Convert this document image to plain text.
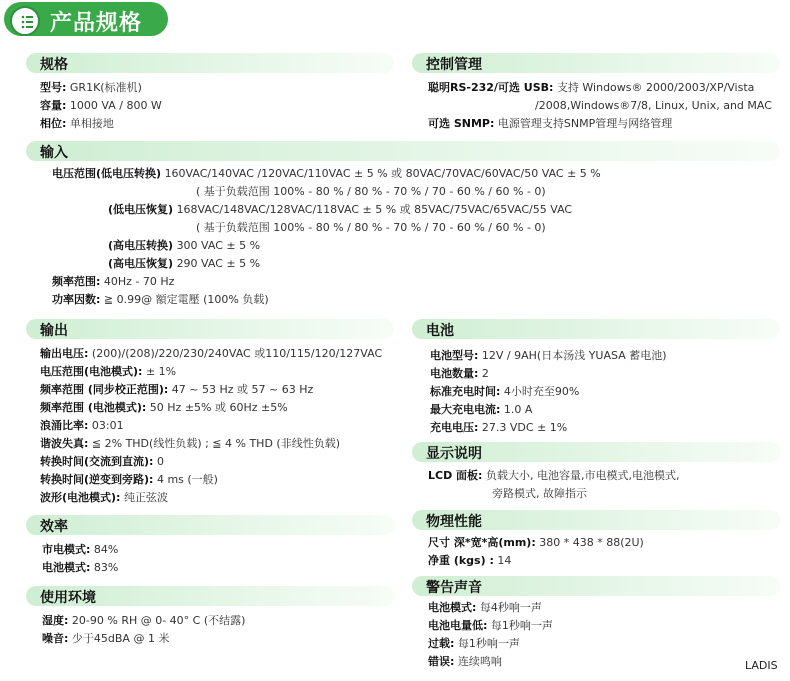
产品规格
规格	控制管理
输入
输出	电池
显示说明
物理性能
效率
使用环境
警告声音
型号: GR1K(标准机)
容量: 1000 VA / 800 W
相位: 单相接地
聪明RS-232/可选 USB: 支持 Windows® 2000/2003/XP/Vista
/2008,Windows®7/8, Linux, Unix, and MAC
可选 SNMP: 电源管理支持SNMP管理与网络管理
电压范围(低电压转换) 160VAC/140VAC /120VAC/110VAC ± 5 % 或 80VAC/70VAC/60VAC/50 VAC ± 5 %
( 基于负载范围 100% - 80 % / 80 % - 70 % / 70 - 60 % / 60 % - 0)
(低电压恢复) 168VAC/148VAC/128VAC/118VAC ± 5 % 或 85VAC/75VAC/65VAC/55 VAC
( 基于负载范围 100% - 80 % / 80 % - 70 % / 70 - 60 % / 60 % - 0)
(高电压转换) 300 VAC ± 5 %
(高电压恢复) 290 VAC ± 5 %
频率范围: 40Hz - 70 Hz
功率因数: ≧ 0.99@ 額定電壓 (100% 负载)
输出电压: (200)/(208)/220/230/240VAC 或110/115/120/127VAC
电压范围(电池模式): ± 1%
频率范围 (同步校正范围): 47 ~ 53 Hz 或 57 ~ 63 Hz
频率范围 (电池模式): 50 Hz ±5% 或 60Hz ±5%
浪涌比率: 03:01
谐波失真: ≦ 2% THD(线性负载) ; ≦ 4 % THD (非线性负载)
转换时间(交流到直流): 0
转换时间(逆变到旁路): 4 ms (一般)
波形(电池模式): 纯正弦波
电池型号: 12V / 9AH(日本汤浅 YUASA 蓄电池)
电池数量: 2
标准充电时间: 4小时充至90%
最大充电电流: 1.0 A
充电电压: 27.3 VDC ± 1%
LCD 面板: 负载大小, 电池容量,市电模式,电池模式,
旁路模式, 故障指示
市电模式: 84%
电池模式: 83%
尺寸 深*宽*高(mm): 380 * 438 * 88(2U)
净重 (kgs) : 14
湿度: 20-90 % RH @ 0- 40° C (不结露)
噪音: 少于45dBA @ 1 米
电池模式: 每4秒响一声
电池电量低: 每1秒响一声
过载: 每1秒响一声
错误: 连续鸣响	LADIS
